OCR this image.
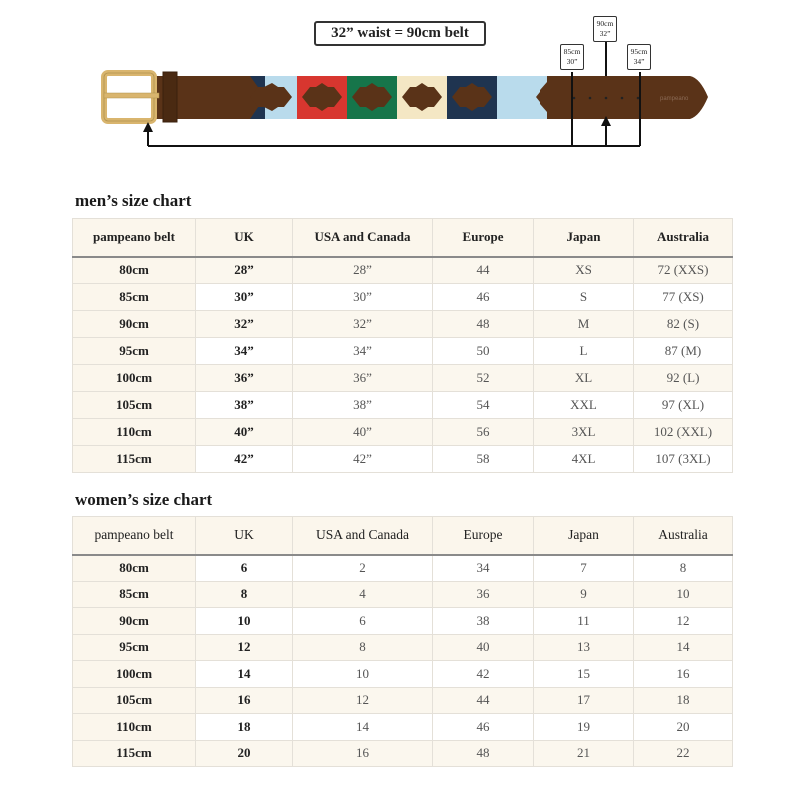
pampeano
32” waist = 90cm belt
85cm
30”
90cm
32”
95cm
34”
men’s size chart
pampeano belt	UK	USA and Canada	Europe	Japan	Australia
80cm	28”	28”	44	XS	72 (XXS)
85cm	30”	30”	46	S	77 (XS)
90cm	32”	32”	48	M	82 (S)
95cm	34”	34”	50	L	87 (M)
100cm	36”	36”	52	XL	92 (L)
105cm	38”	38”	54	XXL	97 (XL)
110cm	40”	40”	56	3XL	102 (XXL)
115cm	42”	42”	58	4XL	107 (3XL)
women’s size chart
pampeano belt	UK	USA and Canada	Europe	Japan	Australia
80cm	6	2	34	7	8
85cm	8	4	36	9	10
90cm	10	6	38	11	12
95cm	12	8	40	13	14
100cm	14	10	42	15	16
105cm	16	12	44	17	18
110cm	18	14	46	19	20
115cm	20	16	48	21	22
